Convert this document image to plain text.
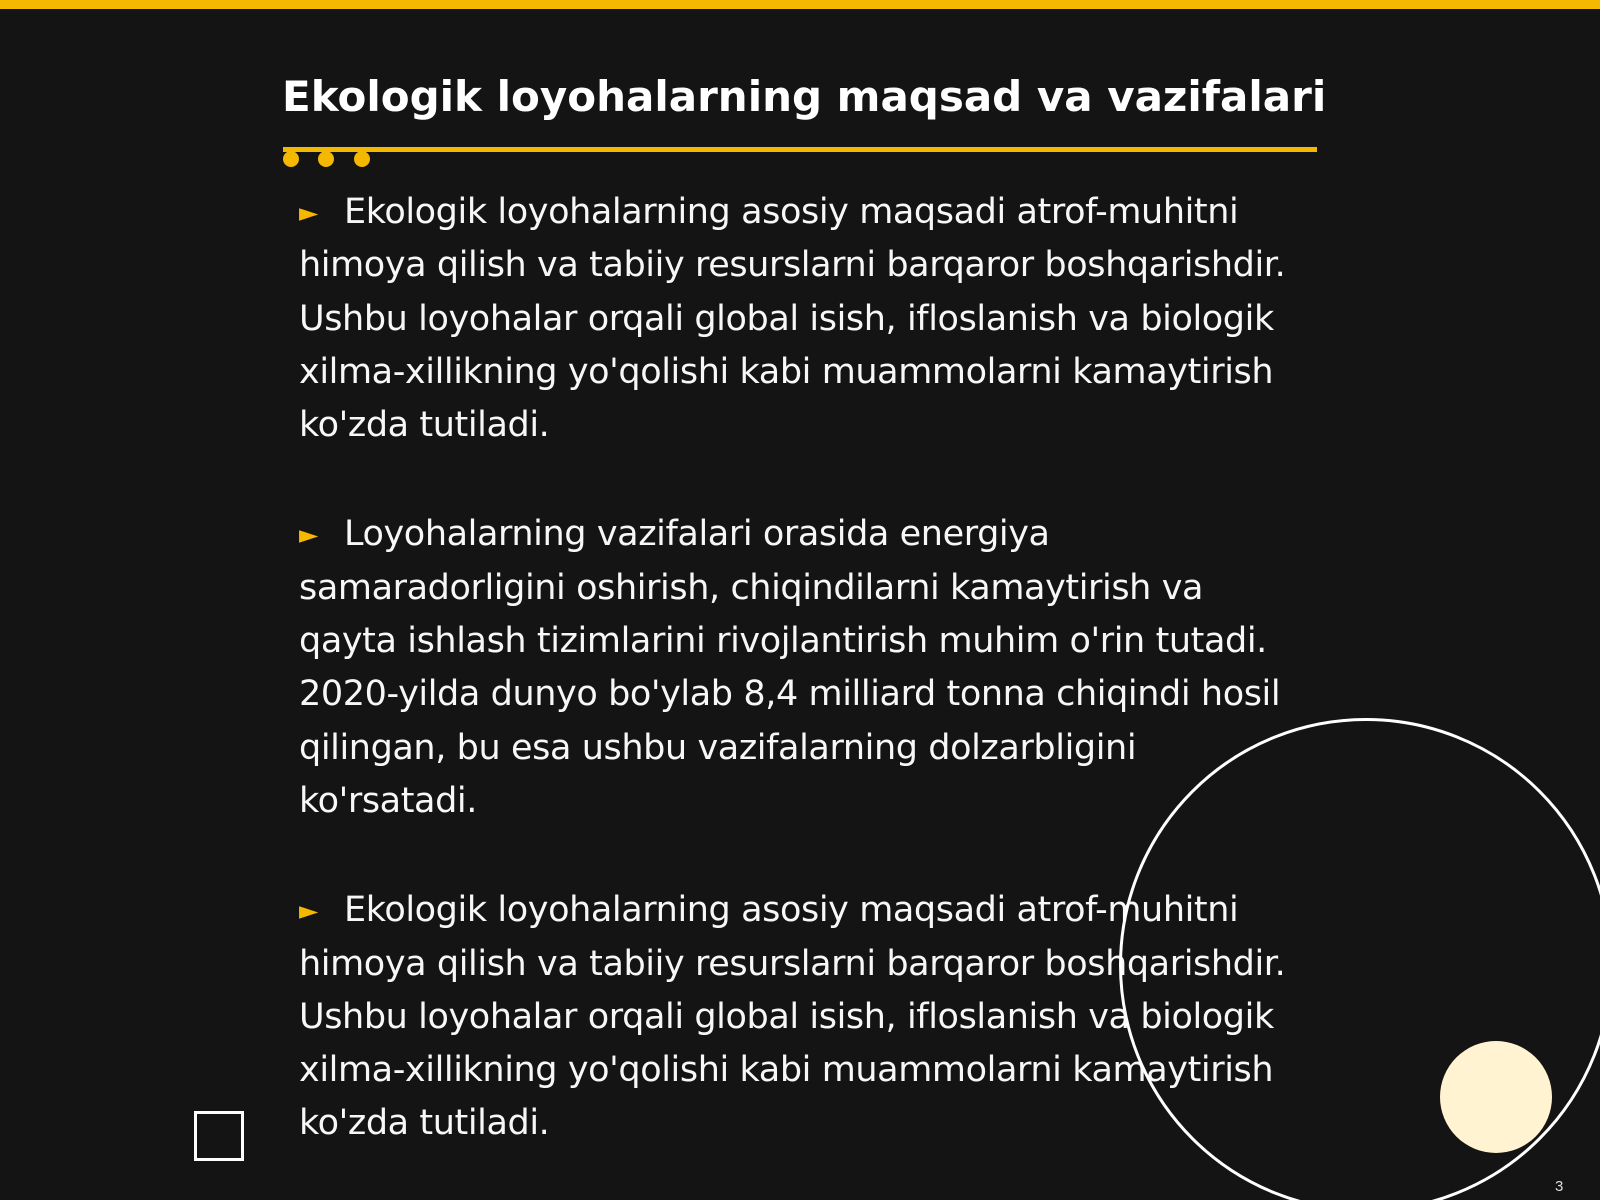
Ekologik loyohalarning maqsad va vazifalari

► Ekologik loyohalarning asosiy maqsadi atrof-muhitni himoya qilish va tabiiy resurslarni barqaror boshqarishdir. Ushbu loyohalar orqali global isish, ifloslanish va biologik xilma-xillikning yo'qolishi kabi muammolarni kamaytirish ko'zda tutiladi.

► Loyohalarning vazifalari orasida energiya samaradorligini oshirish, chiqindilarni kamaytirish va qayta ishlash tizimlarini rivojlantirish muhim o'rin tutadi. 2020-yilda dunyo bo'ylab 8,4 milliard tonna chiqindi hosil qilingan, bu esa ushbu vazifalarning dolzarbligini ko'rsatadi.

► Ekologik loyohalarning asosiy maqsadi atrof-muhitni himoya qilish va tabiiy resurslarni barqaror boshqarishdir. Ushbu loyohalar orqali global isish, ifloslanish va biologik xilma-xillikning yo'qolishi kabi muammolarni kamaytirish ko'zda tutiladi.

3
